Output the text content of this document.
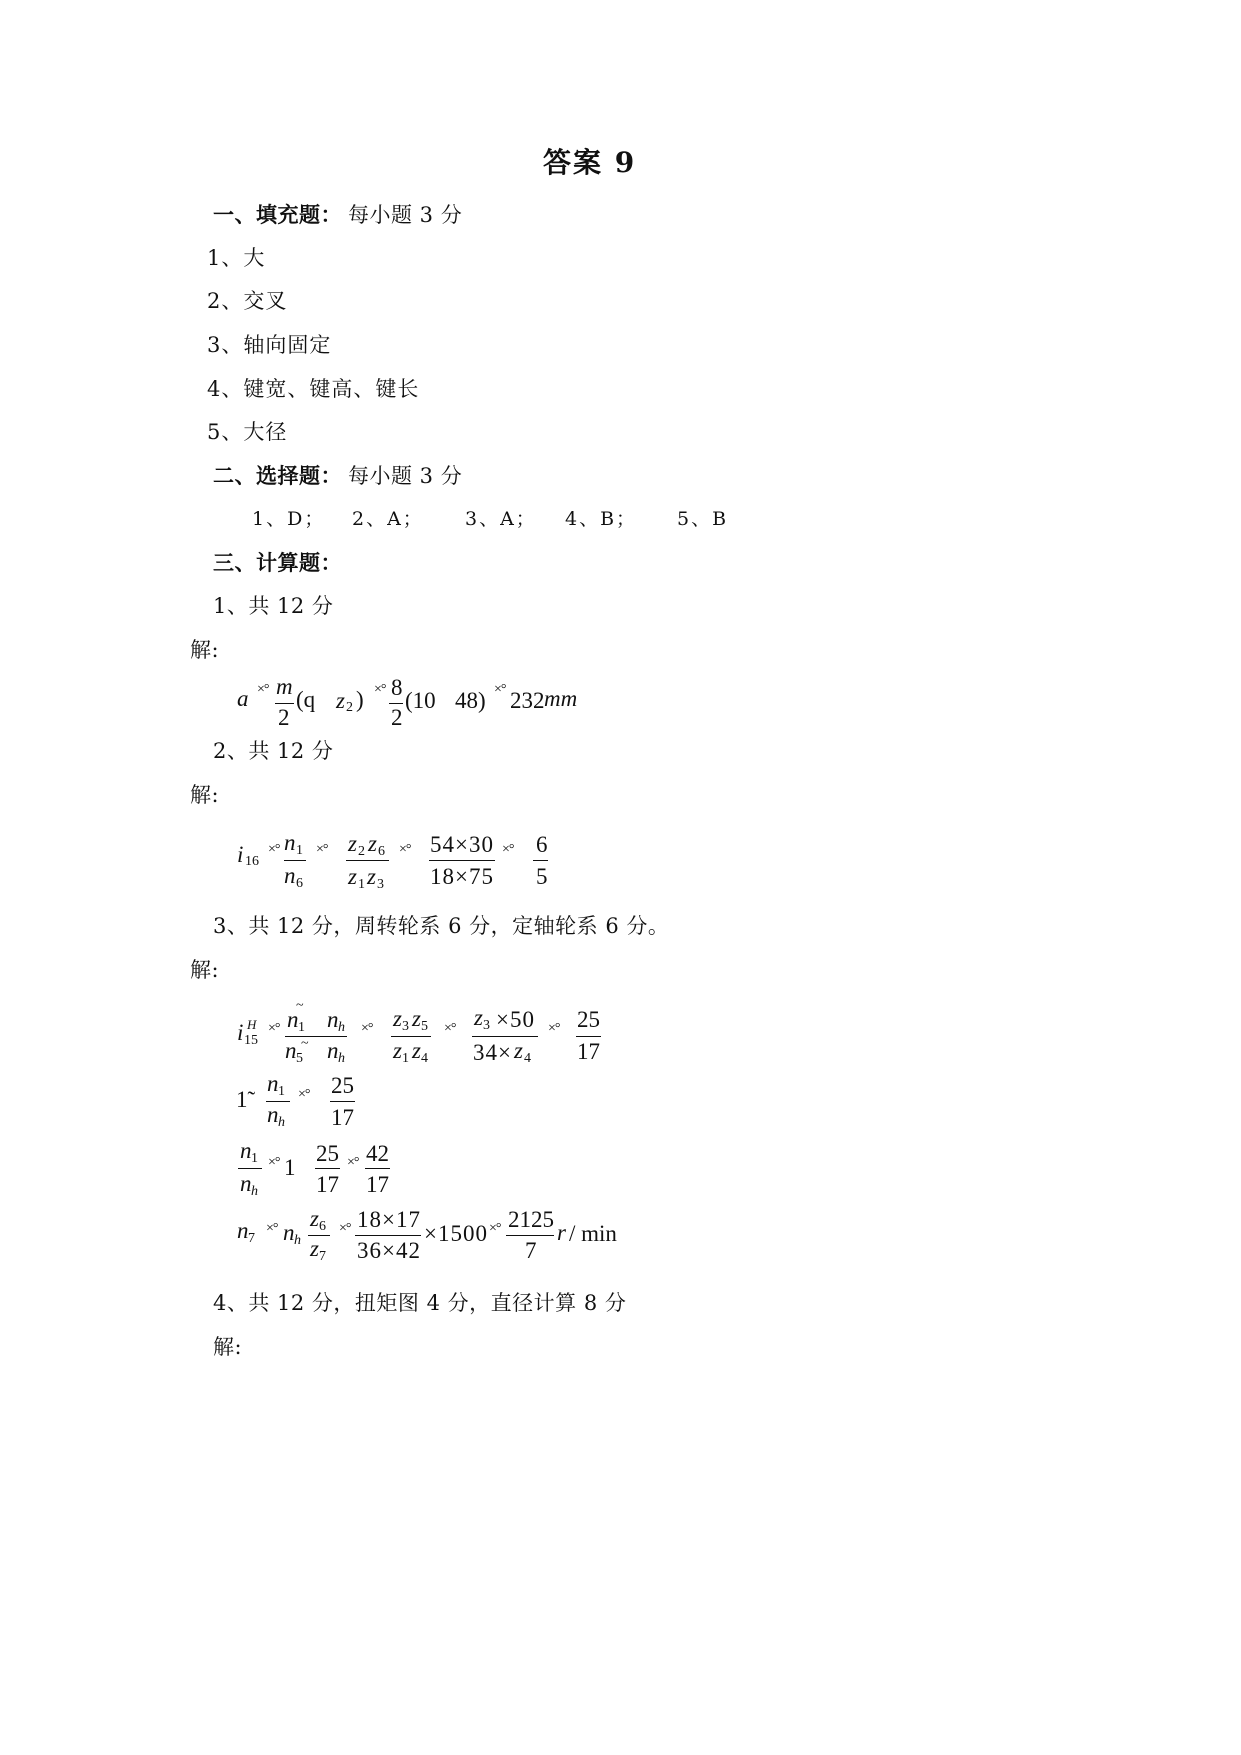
答案 9
一、填充题： 每小题 3 分
1、大
2、交叉
3、轴向固定
4、键宽、键高、键长
5、大径
二、选择题： 每小题 3 分
1、D； 2、A； 3、A； 4、B； 5、B
三、计算题：
1、共 12 分
解:
a ×° m
2
(q z 2 ) ×° 8
2
(10 48) ×° 232 mm
2、共 12 分
解:
i 16
×° n 1
n 6
×° z 2 z 6
z 1 z 3
×° 54×30
18×75
×° 6
5
3、共 12 分，周转轮系 6 分，定轴轮系 6 分。
解:
i H
15
×°
~
n 1 n h
n 5
~ n h
×° z 3 z 5
z 1 z 4
×° z 3 ×50
34× z 4
×° 25
17
1̃
n 1
n h
×° 25
17
n 1
n h
×° 1
25
17
×° 42
17
n 7
×° n h
z 6
z 7
×° 18×17
36×42
×1500 ×° 2125
7
r / min
4、共 12 分，扭矩图 4 分，直径计算 8 分
解:
